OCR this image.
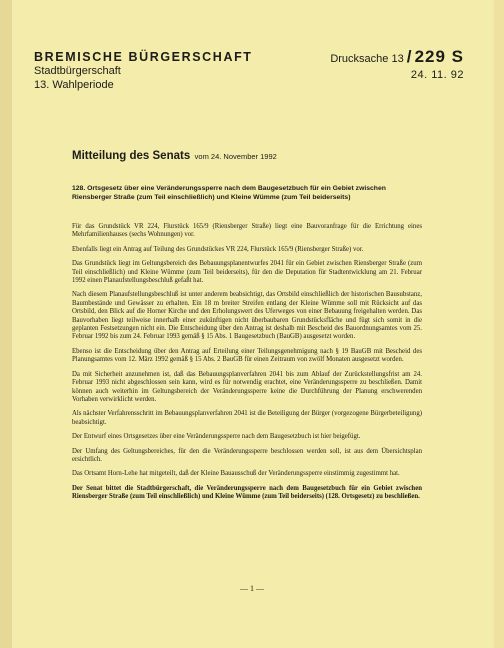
BREMISCHE BÜRGERSCHAFT
Stadtbürgerschaft
13. Wahlperiode
Drucksache 13 / 229 S
24. 11. 92
Mitteilung des Senats vom 24. November 1992

128. Ortsgesetz über eine Veränderungssperre nach dem Baugesetzbuch für ein Gebiet zwischen Riensberger Straße (zum Teil einschließlich) und Kleine Wümme (zum Teil beiderseits)

Für das Grundstück VR 224, Flurstück 165/9 (Riensberger Straße) liegt eine Bauvoranfrage für die Errichtung eines Mehrfamilienhauses (sechs Wohnungen) vor.

Ebenfalls liegt ein Antrag auf Teilung des Grundstückes VR 224, Flurstück 165/9 (Riensberger Straße) vor.

Das Grundstück liegt im Geltungsbereich des Bebauungsplanentwurfes 2041 für ein Gebiet zwischen Riensberger Straße (zum Teil einschließlich) und Kleine Wümme (zum Teil beiderseits), für den die Deputation für Stadtentwicklung am 21. Februar 1992 einen Planaufstellungsbeschluß gefaßt hat.

Nach diesem Planaufstellungsbeschluß ist unter anderem beabsichtigt, das Ortsbild einschließlich der historischen Bausubstanz, Baumbestände und Gewässer zu erhalten. Ein 18 m breiter Streifen entlang der Kleine Wümme soll mit Rücksicht auf das Ortsbild, den Blick auf die Horner Kirche und den Erholungswert des Uferweges von einer Bebauung freigehalten werden. Das Bauvorhaben liegt teilweise innerhalb einer zukünftigen nicht überbaubaren Grundstücksfläche und fügt sich somit in die geplanten Festsetzungen nicht ein. Die Entscheidung über den Antrag ist deshalb mit Bescheid des Bauordnungsamtes vom 25. Februar 1992 bis zum 24. Februar 1993 gemäß § 15 Abs. 1 Baugesetzbuch (BauGB) ausgesetzt worden.

Ebenso ist die Entscheidung über den Antrag auf Erteilung einer Teilungsgenehmigung nach § 19 BauGB mit Bescheid des Planungsamtes vom 12. März 1992 gemäß § 15 Abs. 2 BauGB für einen Zeitraum von zwölf Monaten ausgesetzt worden.

Da mit Sicherheit anzunehmen ist, daß das Bebauungsplanverfahren 2041 bis zum Ablauf der Zurückstellungsfrist am 24. Februar 1993 nicht abgeschlossen sein kann, wird es für notwendig erachtet, eine Veränderungssperre zu beschließen. Damit können auch weiterhin im Geltungsbereich der Veränderungssperre keine die Durchführung der Planung erschwerenden Vorhaben verwirklicht werden.

Als nächster Verfahrensschritt im Bebauungsplanverfahren 2041 ist die Beteiligung der Bürger (vorgezogene Bürgerbeteiligung) beabsichtigt.

Der Entwurf eines Ortsgesetzes über eine Veränderungssperre nach dem Baugesetzbuch ist hier beigefügt.

Der Umfang des Geltungsbereiches, für den die Veränderungssperre beschlossen werden soll, ist aus dem Übersichtsplan ersichtlich.

Das Ortsamt Horn-Lehe hat mitgeteilt, daß der Kleine Bauausschuß der Veränderungssperre einstimmig zugestimmt hat.

Der Senat bittet die Stadtbürgerschaft, die Veränderungssperre nach dem Baugesetzbuch für ein Gebiet zwischen Riensberger Straße (zum Teil einschließlich) und Kleine Wümme (zum Teil beiderseits) (128. Ortsgesetz) zu beschließen.

— 1 —
